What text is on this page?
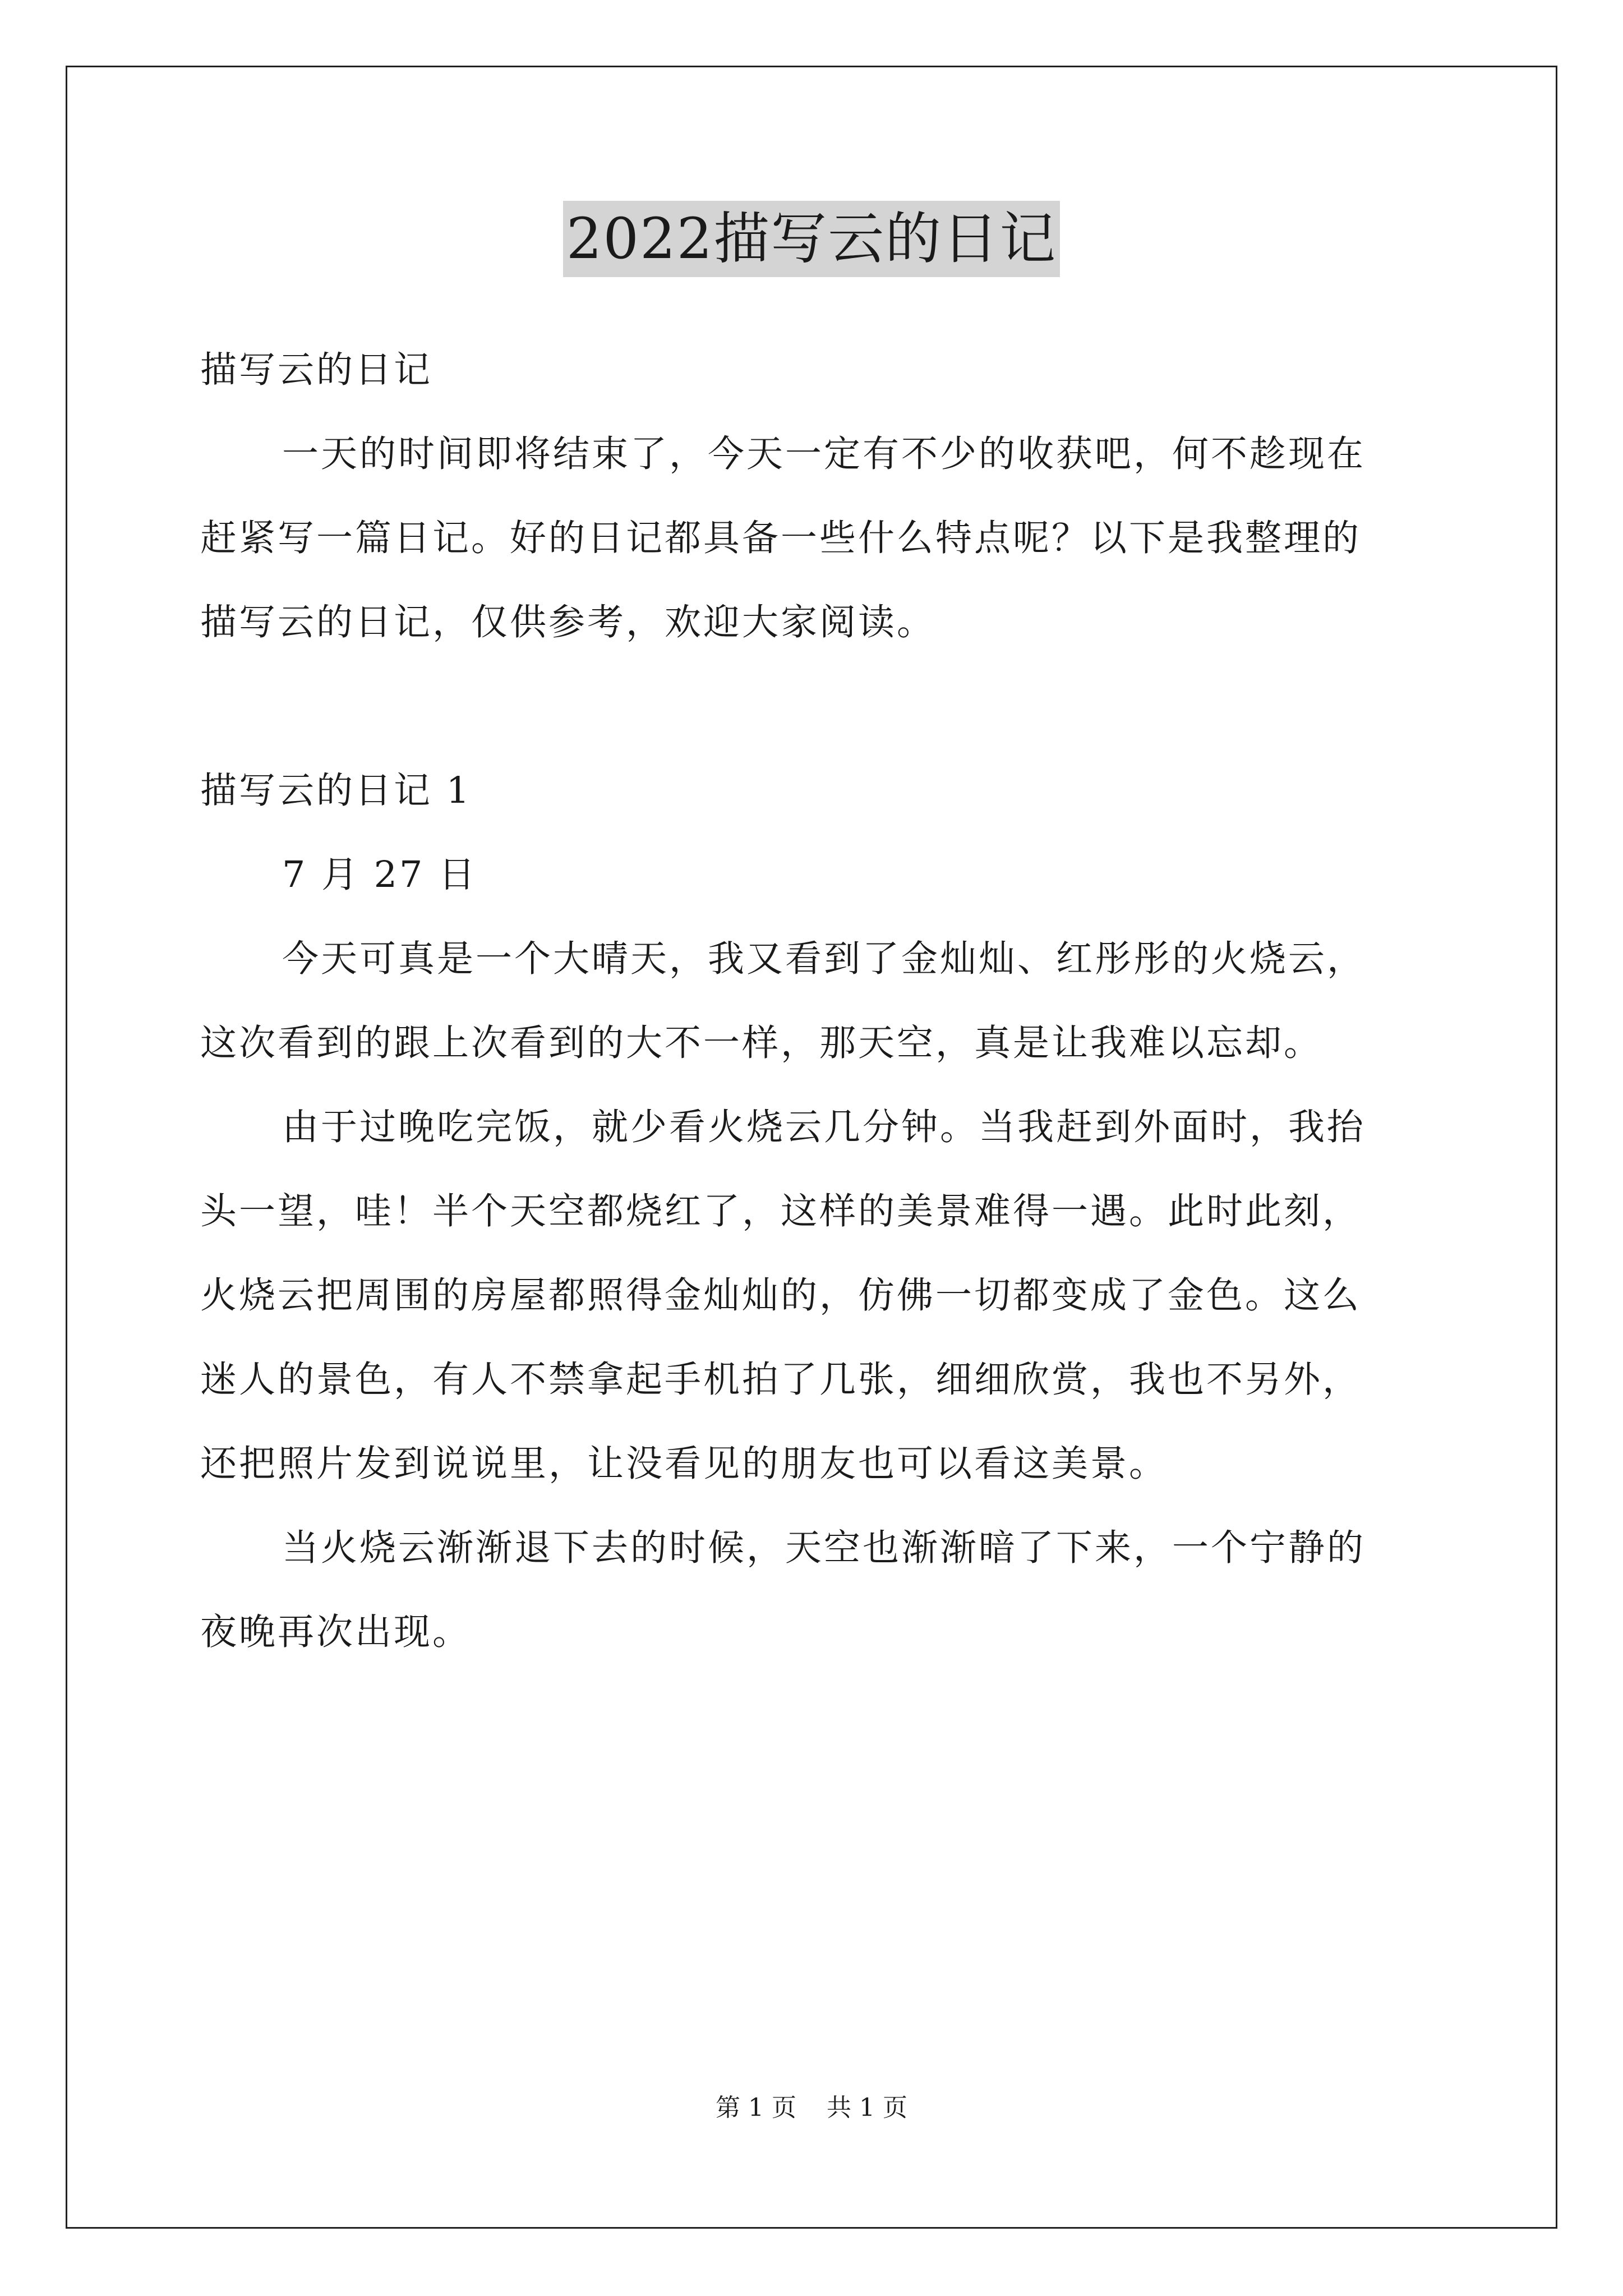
2022描写云的日记
描写云的日记
一天的时间即将结束了，今天一定有不少的收获吧，何不趁现在
赶紧写一篇日记。好的日记都具备一些什么特点呢？以下是我整理的
描写云的日记，仅供参考，欢迎大家阅读。
描写云的日记 1
7 月 27 日
今天可真是一个大晴天，我又看到了金灿灿、红彤彤的火烧云，
这次看到的跟上次看到的大不一样，那天空，真是让我难以忘却。
由于过晚吃完饭，就少看火烧云几分钟。当我赶到外面时，我抬
头一望，哇！半个天空都烧红了，这样的美景难得一遇。此时此刻，
火烧云把周围的房屋都照得金灿灿的，仿佛一切都变成了金色。这么
迷人的景色，有人不禁拿起手机拍了几张，细细欣赏，我也不另外，
还把照片发到说说里，让没看见的朋友也可以看这美景。
当火烧云渐渐退下去的时候，天空也渐渐暗了下来，一个宁静的
夜晚再次出现。
第 1 页 共 1 页
